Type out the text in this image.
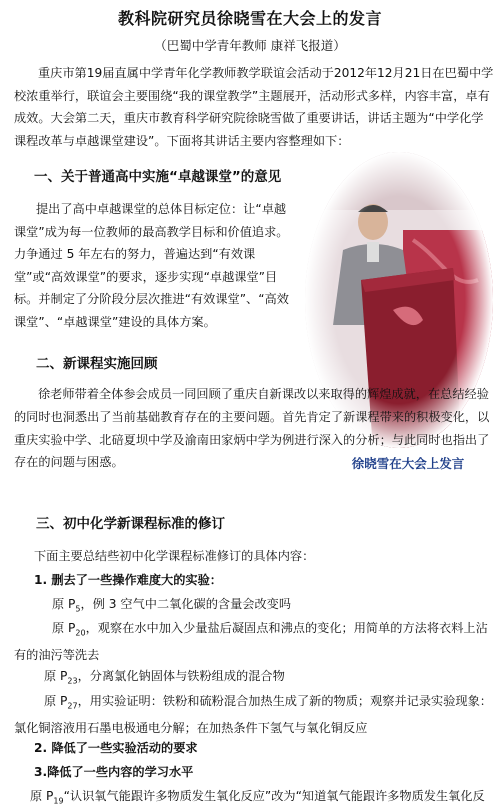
教科院研究员徐晓雪在大会上的发言
（巴蜀中学青年教师 康祥飞报道）

重庆市第19届直属中学青年化学教师教学联谊会活动于2012年12月21日在巴蜀中学校浓重举行，联谊会主要围绕“我的课堂教学”主题展开，活动形式多样，内容丰富，卓有成效。大会第二天，重庆市教育科学研究院徐晓雪做了重要讲话，讲话主题为“中学化学课程改革与卓越课堂建设”。下面将其讲话主要内容整理如下：

一、关于普通高中实施“卓越课堂”的意见

提出了高中卓越课堂的总体目标定位：让“卓越课堂”成为每一位教师的最高教学目标和价值追求。力争通过 5 年左右的努力，普遍达到“有效课堂”或“高效课堂”的要求，逐步实现“卓越课堂”目标。并制定了分阶段分层次推进“有效课堂”、“高效课堂”、“卓越课堂”建设的具体方案。

徐晓雪在大会上发言

二、新课程实施回顾

徐老师带着全体参会成员一同回顾了重庆自新课改以来取得的辉煌成就，在总结经验的同时也洞悉出了当前基础教育存在的主要问题。首先肯定了新课程带来的积极变化，以重庆实验中学、北碚夏坝中学及渝南田家炳中学为例进行深入的分析；与此同时也指出了存在的问题与困惑。

三、初中化学新课程标准的修订

下面主要总结些初中化学课程标准修订的具体内容：

1. 删去了一些操作难度大的实验：

原 $P_5$，例 3 空气中二氧化碳的含量会改变吗

原 $P_{20}$，观察在水中加入少量盐后凝固点和沸点的变化；用简单的方法将衣料上沾有的油污等洗去

原 $P_{23}$，分离氯化钠固体与铁粉组成的混合物

原 $P_{27}$，用实验证明：铁粉和硫粉混合加热生成了新的物质；观察并记录实验现象：氯化铜溶液用石墨电极通电分解；在加热条件下氢气与氧化铜反应

2. 降低了一些实验活动的要求

3.降低了一些内容的学习水平

原 $P_{19}“$认识氧气能跟许多物质发生氧化反应”改为“知道氧气能跟许多物质发生氧化反
